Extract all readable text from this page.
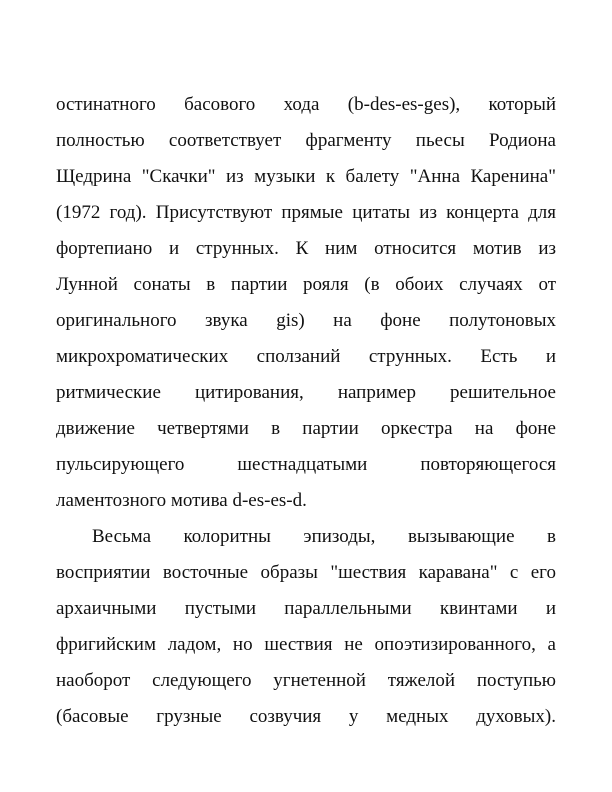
остинатного басового хода (b-des-es-ges), который
полностью соответствует фрагменту пьесы Родиона
Щедрина "Скачки" из музыки к балету "Анна Каренина"
(1972 год). Присутствуют прямые цитаты из концерта для
фортепиано и струнных. К ним относится мотив из
Лунной сонаты в партии рояля (в обоих случаях от
оригинального звука gis) на фоне полутоновых
микрохроматических сползаний струнных. Есть и
ритмические цитирования, например решительное
движение четвертями в партии оркестра на фоне
пульсирующего шестнадцатыми повторяющегося
ламентозного мотива d-es-es-d.
Весьма колоритны эпизоды, вызывающие в
восприятии восточные образы "шествия каравана" с его
архаичными пустыми параллельными квинтами и
фригийским ладом, но шествия не опоэтизированного, а
наоборот следующего угнетенной тяжелой поступью
(басовые грузные созвучия у медных духовых).
